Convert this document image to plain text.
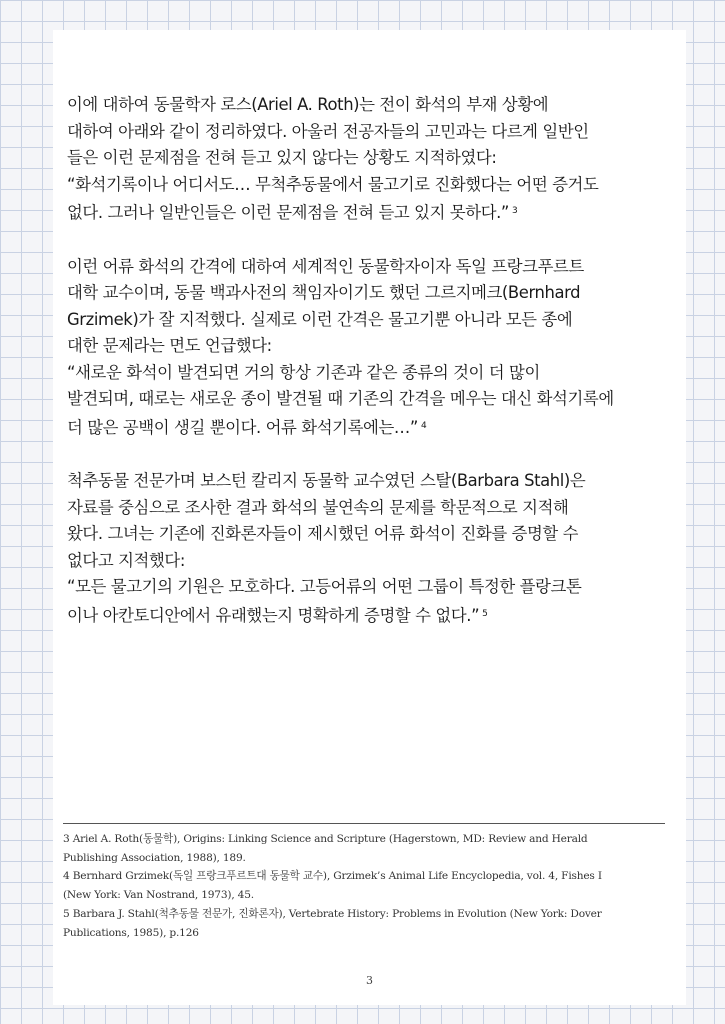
이에 대하여 동물학자 로스(Ariel A. Roth)는 전이 화석의 부재 상황에
대하여 아래와 같이 정리하였다. 아울러 전공자들의 고민과는 다르게 일반인
들은 이런 문제점을 전혀 듣고 있지 않다는 상황도 지적하였다:
“화석기록이나 어디서도… 무척추동물에서 물고기로 진화했다는 어떤 증거도
없다. 그러나 일반인들은 이런 문제점을 전혀 듣고 있지 못하다.” $^3$

이런 어류 화석의 간격에 대하여 세계적인 동물학자이자 독일 프랑크푸르트
대학 교수이며, 동물 백과사전의 책임자이기도 했던 그르지메크(Bernhard
Grzimek)가 잘 지적했다. 실제로 이런 간격은 물고기뿐 아니라 모든 종에
대한 문제라는 면도 언급했다:
“새로운 화석이 발견되면 거의 항상 기존과 같은 종류의 것이 더 많이
발견되며, 때로는 새로운 종이 발견될 때 기존의 간격을 메우는 대신 화석기록에
더 많은 공백이 생길 뿐이다. 어류 화석기록에는…” $^4$

척추동물 전문가며 보스턴 칼리지 동물학 교수였던 스탈(Barbara Stahl)은
자료를 중심으로 조사한 결과 화석의 불연속의 문제를 학문적으로 지적해
왔다. 그녀는 기존에 진화론자들이 제시했던 어류 화석이 진화를 증명할 수
없다고 지적했다:
“모든 물고기의 기원은 모호하다. 고등어류의 어떤 그룹이 특정한 플랑크톤
이나 아칸토디안에서 유래했는지 명확하게 증명할 수 없다.” $^5$

3 Ariel A. Roth(동물학), Origins: Linking Science and Scripture (Hagerstown, MD: Review and Herald
Publishing Association, 1988), 189.
4 Bernhard Grzimek(독일 프랑크푸르트대 동물학 교수), Grzimek’s Animal Life Encyclopedia, vol. 4, Fishes I
(New York: Van Nostrand, 1973), 45.
5 Barbara J. Stahl(척추동물 전문가, 진화론자), Vertebrate History: Problems in Evolution (New York: Dover
Publications, 1985), p.126
3
